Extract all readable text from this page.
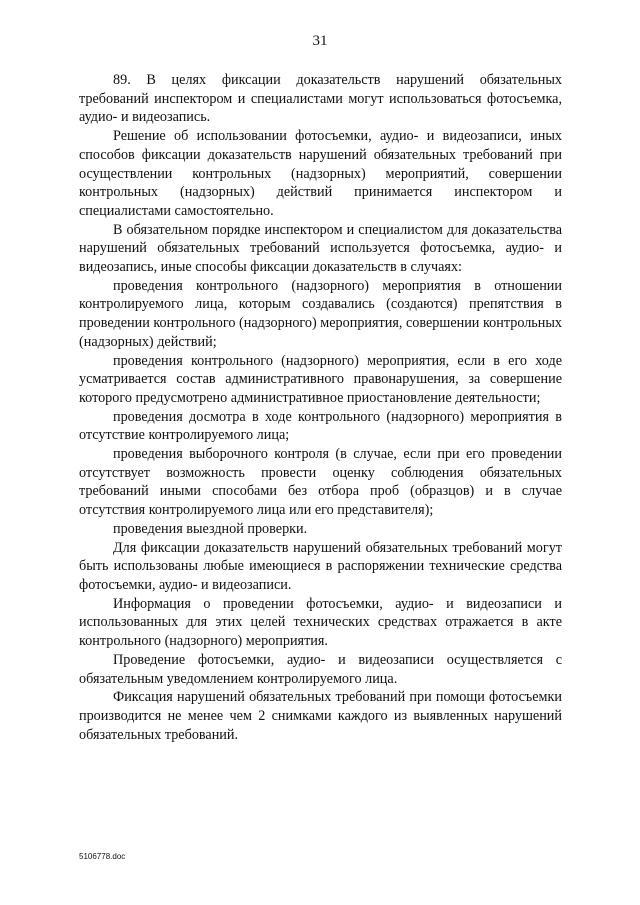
31

89. В целях фиксации доказательств нарушений обязательных требований инспектором и специалистами могут использоваться фотосъемка, аудио- и видеозапись.

Решение об использовании фотосъемки, аудио- и видеозаписи, иных способов фиксации доказательств нарушений обязательных требований при осуществлении контрольных (надзорных) мероприятий, совершении контрольных (надзорных) действий принимается инспектором и специалистами самостоятельно.

В обязательном порядке инспектором и специалистом для доказательства нарушений обязательных требований используется фотосъемка, аудио- и видеозапись, иные способы фиксации доказательств в случаях:

проведения контрольного (надзорного) мероприятия в отношении контролируемого лица, которым создавались (создаются) препятствия в проведении контрольного (надзорного) мероприятия, совершении контрольных (надзорных) действий;

проведения контрольного (надзорного) мероприятия, если в его ходе усматривается состав административного правонарушения, за совершение которого предусмотрено административное приостановление деятельности;

проведения досмотра в ходе контрольного (надзорного) мероприятия в отсутствие контролируемого лица;

проведения выборочного контроля (в случае, если при его проведении отсутствует возможность провести оценку соблюдения обязательных требований иными способами без отбора проб (образцов) и в случае отсутствия контролируемого лица или его представителя);

проведения выездной проверки.

Для фиксации доказательств нарушений обязательных требований могут быть использованы любые имеющиеся в распоряжении технические средства фотосъемки, аудио- и видеозаписи.

Информация о проведении фотосъемки, аудио- и видеозаписи и использованных для этих целей технических средствах отражается в акте контрольного (надзорного) мероприятия.

Проведение фотосъемки, аудио- и видеозаписи осуществляется с обязательным уведомлением контролируемого лица.

Фиксация нарушений обязательных требований при помощи фотосъемки производится не менее чем 2 снимками каждого из выявленных нарушений обязательных требований.

5106778.doc
